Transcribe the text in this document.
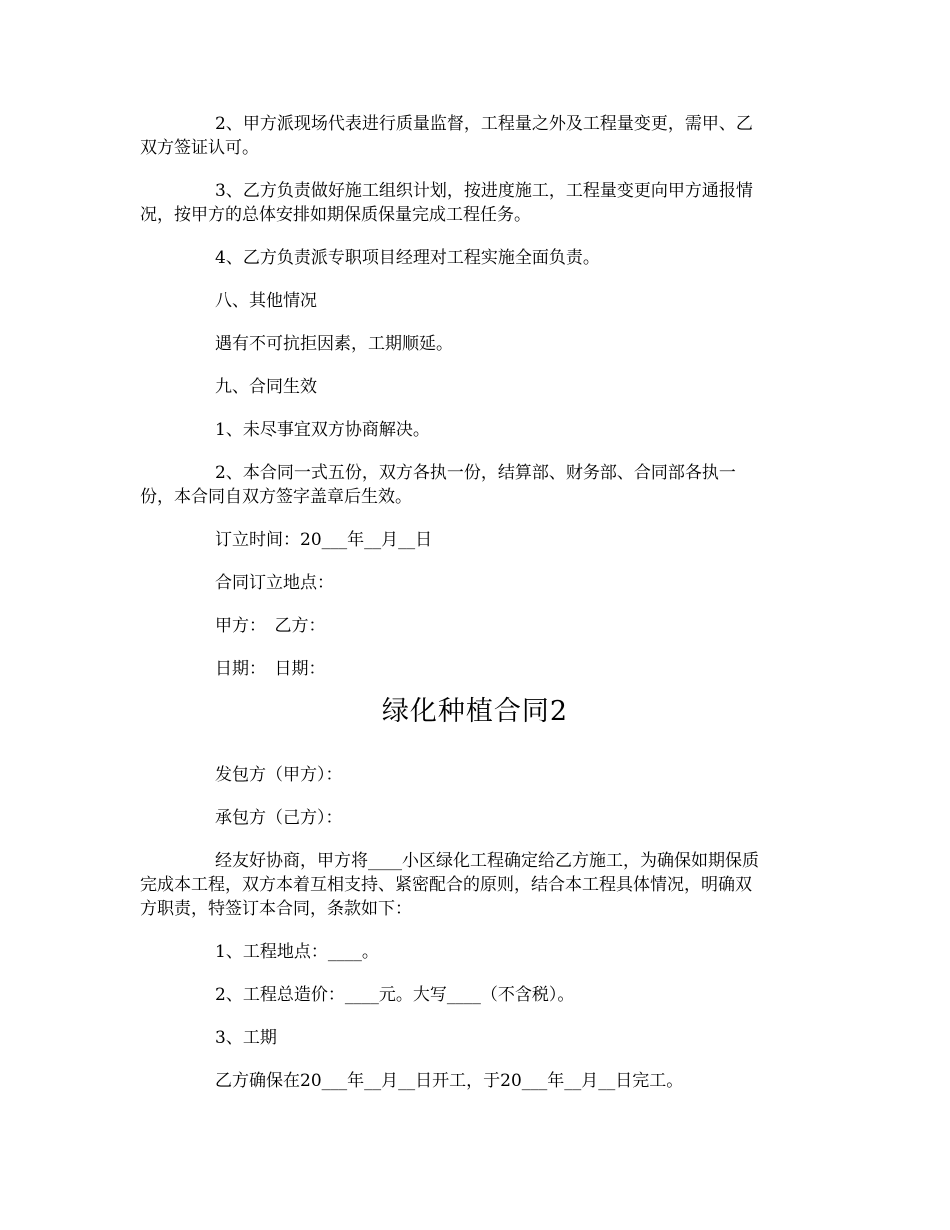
2、甲方派现场代表进行质量监督，工程量之外及工程量变更，需甲、乙
双方签证认可。
3、乙方负责做好施工组织计划，按进度施工，工程量变更向甲方通报情
况，按甲方的总体安排如期保质保量完成工程任务。
4、乙方负责派专职项目经理对工程实施全面负责。
八、其他情况
遇有不可抗拒因素，工期顺延。
九、合同生效
1、未尽事宜双方协商解决。
2、本合同一式五份，双方各执一份，结算部、财务部、合同部各执一
份，本合同自双方签字盖章后生效。
订立时间：20___年__月__日
合同订立地点：
甲方：　乙方：
日期：　日期：
绿化种植合同2
发包方（甲方）：
承包方（己方）：
经友好协商，甲方将____小区绿化工程确定给乙方施工，为确保如期保质
完成本工程，双方本着互相支持、紧密配合的原则，结合本工程具体情况，明确双
方职责，特签订本合同，条款如下：
1、工程地点：____。
2、工程总造价：____元。大写____（不含税）。
3、工期
乙方确保在20___年__月__日开工，于20___年__月__日完工。
